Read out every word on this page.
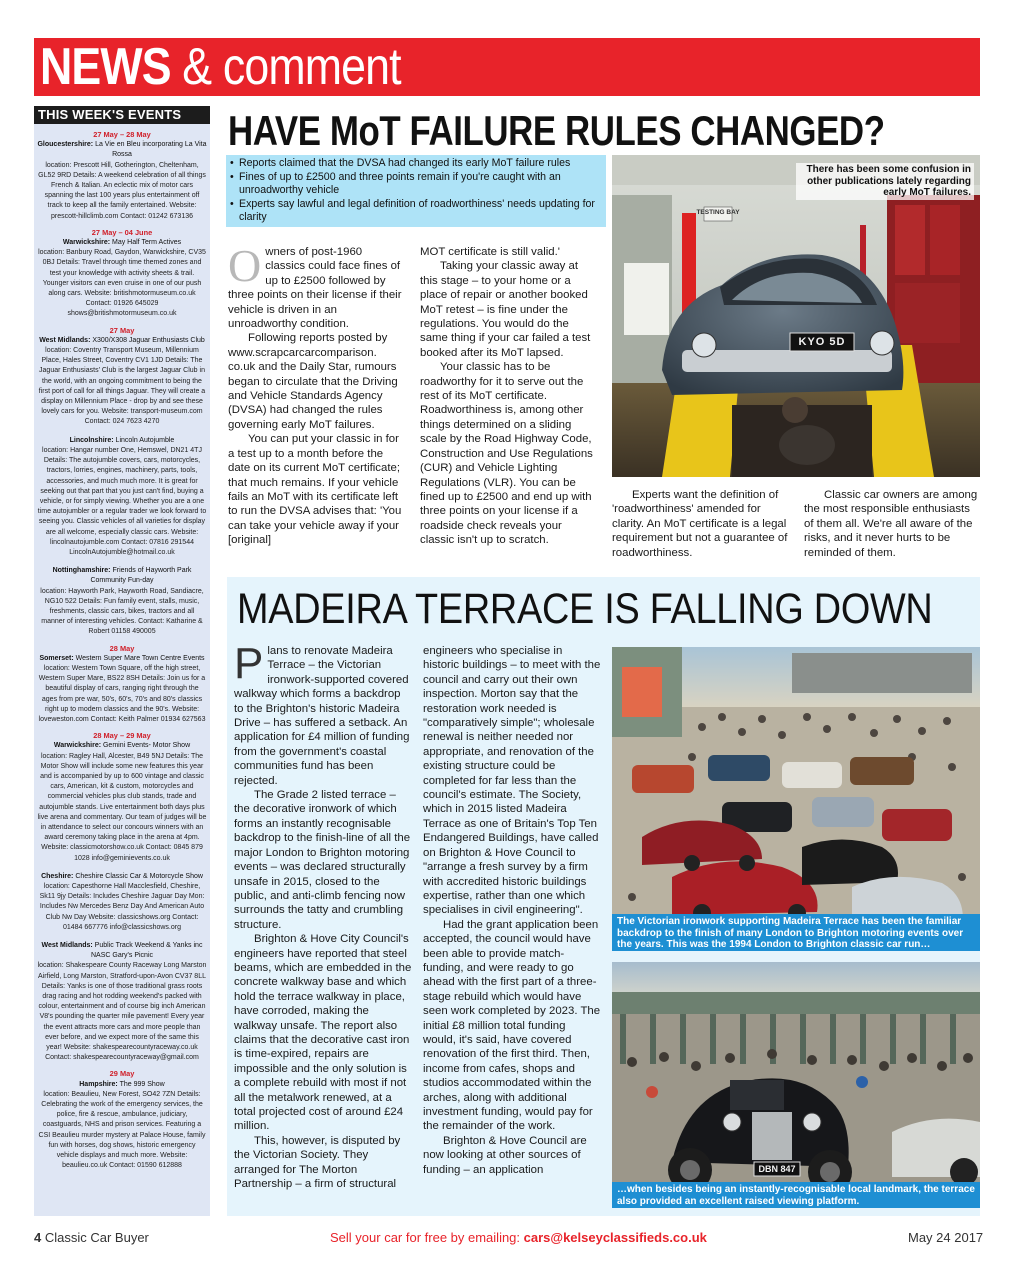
NEWS & comment
THIS WEEK'S EVENTS
27 May – 28 May
Gloucestershire: La Vie en Bleu incorporating La Vita Rossa
location: Prescott Hill, Gotherington, Cheltenham, GL52 9RD Details: A weekend celebration of all things French & Italian. An eclectic mix of motor cars spanning the last 100 years plus entertainment off track to keep all the family entertained. Website: prescott-hillclimb.com Contact: 01242 673136
27 May – 04 June
Warwickshire: May Half Term Actives
location: Banbury Road, Gaydon, Warwickshire, CV35 0BJ Details: Travel through time themed zones and test your knowledge with activity sheets & trail. Younger visitors can even cruise in one of our push along cars. Website: britishmotormuseum.co.uk Contact: 01926 645029 shows@britishmotormuseum.co.uk
27 May
West Midlands: X300/X308 Jaguar Enthusiasts Club
location: Coventry Transport Museum, Millennium Place, Hales Street, Coventry CV1 1JD Details: The Jaguar Enthusiasts' Club is the largest Jaguar Club in the world, with an ongoing commitment to being the first port of call for all things Jaguar. They will create a display on Millennium Place - drop by and see these lovely cars for you. Website: transport-museum.com Contact: 024 7623 4270
Lincolnshire: Lincoln Autojumble
location: Hangar number One, Hemswel, DN21 4TJ Details: The autojumble covers, cars, motorcycles, tractors, lorries, engines, machinery, parts, tools, accessories, and much much more. It is great for seeking out that part that you just can't find, buying a vehicle, or for simply viewing. Whether you are a one time autojumbler or a regular trader we look forward to seeing you. Classic vehicles of all varieties for display are all welcome, especially classic cars. Website: lincolnautojumble.com Contact: 07816 291544 LincolnAutojumble@hotmail.co.uk
Nottinghamshire: Friends of Hayworth Park Community Fun-day
location: Hayworth Park, Hayworth Road, Sandiacre, NG10 522 Details: Fun family event, stalls, music, freshments, classic cars, bikes, tractors and all manner of interesting vehicles. Contact: Katharine & Robert 01158 490005
28 May
Somerset: Western Super Mare Town Centre Events
location: Western Town Square, off the high street, Western Super Mare, BS22 8SH Details: Join us for a beautiful display of cars, ranging right through the ages from pre war, 50's, 60's, 70's and 80's classics right up to modern classics and the 90's. Website: loveweston.com Contact: Keith Palmer 01934 627563
28 May – 29 May
Warwickshire: Gemini Events- Motor Show
location: Ragley Hall, Alcester, B49 5NJ Details: The Motor Show will include some new features this year and is accompanied by up to 600 vintage and classic cars, American, kit & custom, motorcycles and commercial vehicles plus club stands, trade and autojumble stands. Live entertainment both days plus live arena and commentary. Our team of judges will be in attendance to select our concours winners with an award ceremony taking place in the arena at 4pm. Website: classicmotorshow.co.uk Contact: 0845 879 1028 info@geminievents.co.uk
Cheshire: Cheshire Classic Car & Motorcycle Show
location: Capesthorne Hall Macclesfield, Cheshire, Sk11 9jy Details: Includes Cheshire Jaguar Day Mon: Includes Nw Mercedes Benz Day And American Auto Club Nw Day Website: classicshows.org Contact: 01484 667776 info@classicshows.org
West Midlands: Public Track Weekend & Yanks inc NASC Gary's Picnic
location: Shakespeare County Raceway Long Marston Airfield, Long Marston, Stratford-upon-Avon CV37 8LL Details: Yanks is one of those traditional grass roots drag racing and hot rodding weekend's packed with colour, entertainment and of course big inch American V8's pounding the quarter mile pavement! Every year the event attracts more cars and more people than ever before, and we expect more of the same this year! Website: shakespearecountyraceway.co.uk Contact: shakespearecountyraceway@gmail.com
29 May
Hampshire: The 999 Show
location: Beaulieu, New Forest, SO42 7ZN Details: Celebrating the work of the emergency services, the police, fire & rescue, ambulance, judiciary, coastguards, NHS and prison services. Featuring a CSI Beaulieu murder mystery at Palace House, family fun with horses, dog shows, historic emergency vehicle displays and much more. Website: beaulieu.co.uk Contact: 01590 612888
HAVE MoT FAILURE RULES CHANGED?
• Reports claimed that the DVSA had changed its early MoT failure rules
• Fines of up to £2500 and three points remain if you're caught with an unroadworthy vehicle
• Experts say lawful and legal definition of roadworthiness' needs updating for clarity
O wners of post-1960 classics could face fines of up to £2500 followed by three points on their license if their vehicle is driven in an unroadworthy condition.

Following reports posted by www.scrapcarcarcomparison. co.uk and the Daily Star, rumours began to circulate that the Driving and Vehicle Standards Agency (DVSA) had changed the rules governing early MoT failures.

You can put your classic in for a test up to a month before the date on its current MoT certificate; that much remains. If your vehicle fails an MoT with its certificate left to run the DVSA advises that: 'You can take your vehicle away if your [original]

MOT certificate is still valid.'

Taking your classic away at this stage – to your home or a place of repair or another booked MoT retest – is fine under the regulations. You would do the same thing if your car failed a test booked after its MoT lapsed.

Your classic has to be roadworthy for it to serve out the rest of its MoT certificate. Roadworthiness is, among other things determined on a sliding scale by the Road Highway Code, Construction and Use Regulations (CUR) and Vehicle Lighting Regulations (VLR). You can be fined up to £2500 and end up with three points on your license if a roadside check reveals your classic isn't up to scratch.

Experts want the definition of 'roadworthiness' amended for clarity. An MoT certificate is a legal requirement but not a guarantee of roadworthiness.

Classic car owners are among the most responsible enthusiasts of them all. We're all aware of the risks, and it never hurts to be reminded of them.

TESTING BAY
KYO 5D
There has been some confusion in other publications lately regarding early MoT failures.
MADEIRA TERRACE IS FALLING DOWN
P lans to renovate Madeira Terrace – the Victorian ironwork-supported covered walkway which forms a backdrop to the Brighton's historic Madeira Drive – has suffered a setback. An application for £4 million of funding from the government's coastal communities fund has been rejected.

The Grade 2 listed terrace – the decorative ironwork of which forms an instantly recognisable backdrop to the finish-line of all the major London to Brighton motoring events – was declared structurally unsafe in 2015, closed to the public, and anti-climb fencing now surrounds the tatty and crumbling structure.

Brighton & Hove City Council's engineers have reported that steel beams, which are embedded in the concrete walkway base and which hold the terrace walkway in place, have corroded, making the walkway unsafe. The report also claims that the decorative cast iron is time-expired, repairs are impossible and the only solution is a complete rebuild with most if not all the metalwork renewed, at a total projected cost of around £24 million.

This, however, is disputed by the Victorian Society. They arranged for The Morton Partnership – a firm of structural

engineers who specialise in historic buildings – to meet with the council and carry out their own inspection. Morton say that the restoration work needed is "comparatively simple"; wholesale renewal is neither needed nor appropriate, and renovation of the existing structure could be completed for far less than the council's estimate. The Society, which in 2015 listed Madeira Terrace as one of Britain's Top Ten Endangered Buildings, have called on Brighton & Hove Council to "arrange a fresh survey by a firm with accredited historic buildings expertise, rather than one which specialises in civil engineering".

Had the grant application been accepted, the council would have been able to provide match-funding, and were ready to go ahead with the first part of a three-stage rebuild which would have seen work completed by 2023. The initial £8 million total funding would, it's said, have covered renovation of the first third. Then, income from cafes, shops and studios accommodated within the arches, along with additional investment funding, would pay for the remainder of the work.

Brighton & Hove Council are now looking at other sources of funding – an application

The Victorian ironwork supporting Madeira Terrace has been the familiar backdrop to the finish of many London to Brighton motoring events over the years. This was the 1994 London to Brighton classic car run…
DBN 847
…when besides being an instantly-recognisable local landmark, the terrace also provided an excellent raised viewing platform.
4 Classic Car Buyer	Sell your car for free by emailing: cars@kelseyclassifieds.co.uk	May 24 2017
